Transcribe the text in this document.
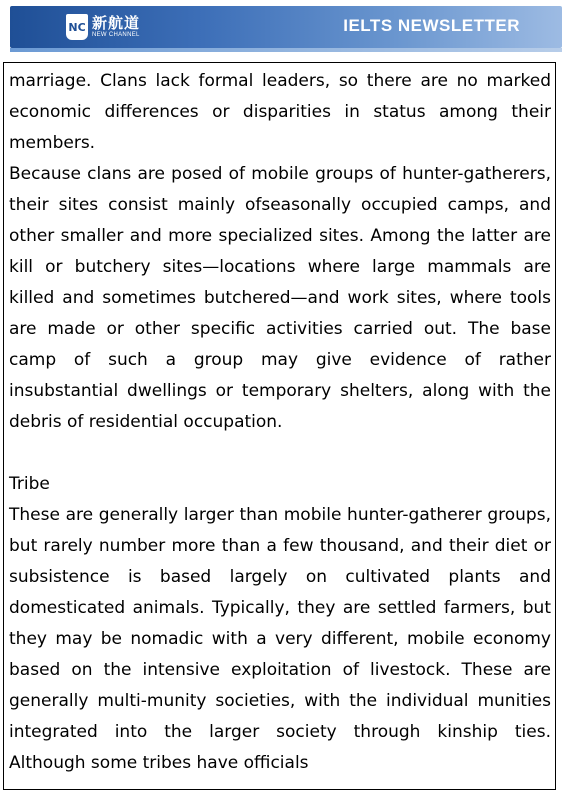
NC 新航道
NEW CHANNEL	IELTS NEWSLETTER

marriage. Clans lack formal leaders, so there are no marked economic differences or disparities in status among their members.

Because clans are posed of mobile groups of hunter-gatherers, their sites consist mainly ofseasonally occupied camps, and other smaller and more specialized sites. Among the latter are kill or butchery sites—locations where large mammals are killed and sometimes butchered—and work sites, where tools are made or other specific activities carried out. The base camp of such a group may give evidence of rather insubstantial dwellings or temporary shelters, along with the debris of residential occupation.

Tribe

These are generally larger than mobile hunter-gatherer groups, but rarely number more than a few thousand, and their diet or subsistence is based largely on cultivated plants and domesticated animals. Typically, they are settled farmers, but they may be nomadic with a very different, mobile economy based on the intensive exploitation of livestock. These are generally multi-munity societies, with the individual munities integrated into the larger society through kinship ties. Although some tribes have officials
